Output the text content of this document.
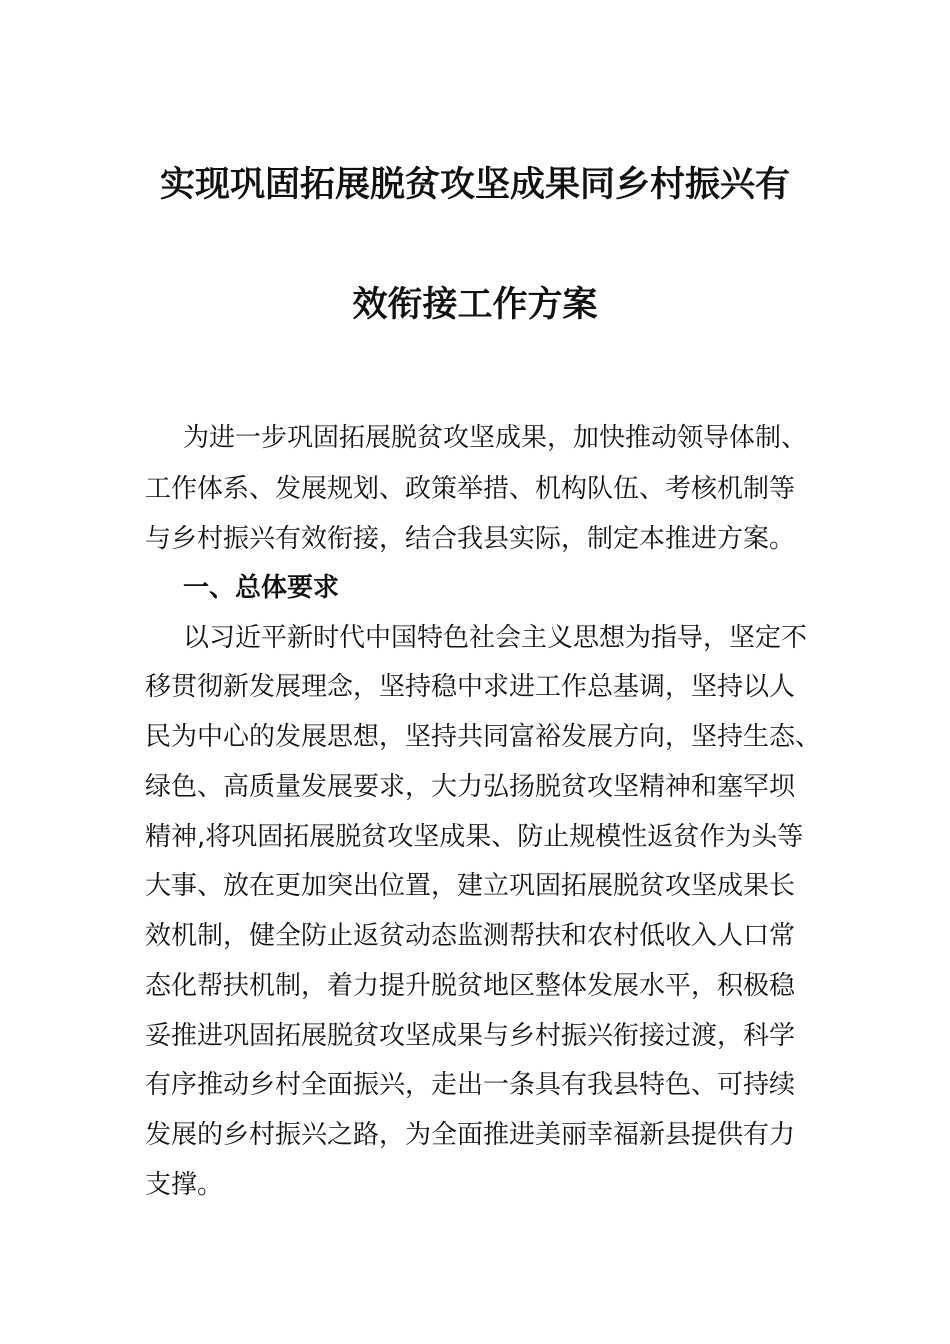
实现巩固拓展脱贫攻坚成果同乡村振兴有
效衔接工作方案
为进一步巩固拓展脱贫攻坚成果，加快推动领导体制、
工作体系、发展规划、政策举措、机构队伍、考核机制等
与乡村振兴有效衔接，结合我县实际，制定本推进方案。
一、总体要求
以习近平新时代中国特色社会主义思想为指导，坚定不
移贯彻新发展理念，坚持稳中求进工作总基调，坚持以人
民为中心的发展思想，坚持共同富裕发展方向，坚持生态、
绿色、高质量发展要求，大力弘扬脱贫攻坚精神和塞罕坝
精神,将巩固拓展脱贫攻坚成果、防止规模性返贫作为头等
大事、放在更加突出位置，建立巩固拓展脱贫攻坚成果长
效机制，健全防止返贫动态监测帮扶和农村低收入人口常
态化帮扶机制，着力提升脱贫地区整体发展水平，积极稳
妥推进巩固拓展脱贫攻坚成果与乡村振兴衔接过渡，科学
有序推动乡村全面振兴，走出一条具有我县特色、可持续
发展的乡村振兴之路，为全面推进美丽幸福新县提供有力
支撑。
